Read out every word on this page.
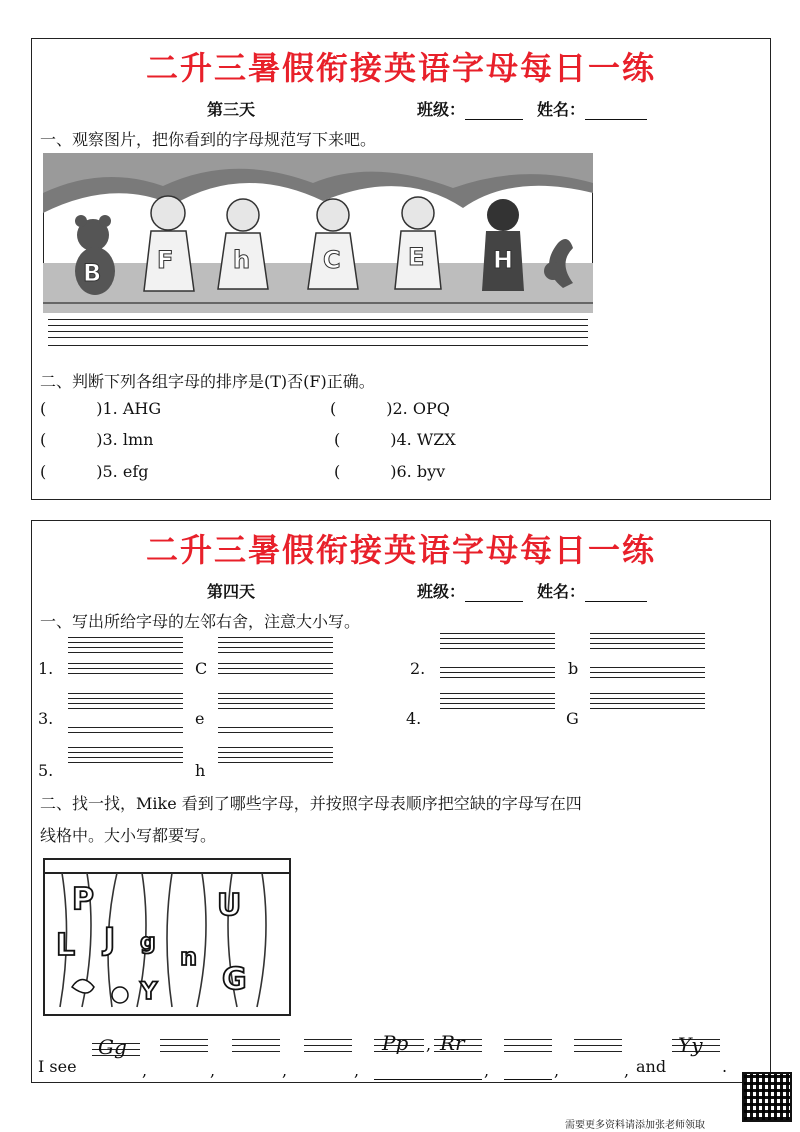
二升三暑假衔接英语字母每日一练
第三天	班级：	姓名：
一、观察图片，把你看到的字母规范写下来吧。
B F h	C	E	H
二、判断下列各组字母的排序是(T)否(F)正确。
(	)1. AHG	(	)2. OPQ
(	)3. lmn	(	)4. WZX
(	)5. efg	(	)6. byv
二升三暑假衔接英语字母每日一练
第四天	班级：	姓名：
一、写出所给字母的左邻右舍，注意大小写。
1.	C	2.	b
3.	e	4.	G
5.	h
二、找一找，Mike 看到了哪些字母，并按照字母表顺序把空缺的字母写在四
线格中。大小写都要写。
P	U
L J	n
g
G
Y
I see
Gg
,	,	,	,
Pp , Rr
,	,	, and
Yy
.
需要更多资料请添加张老师领取
